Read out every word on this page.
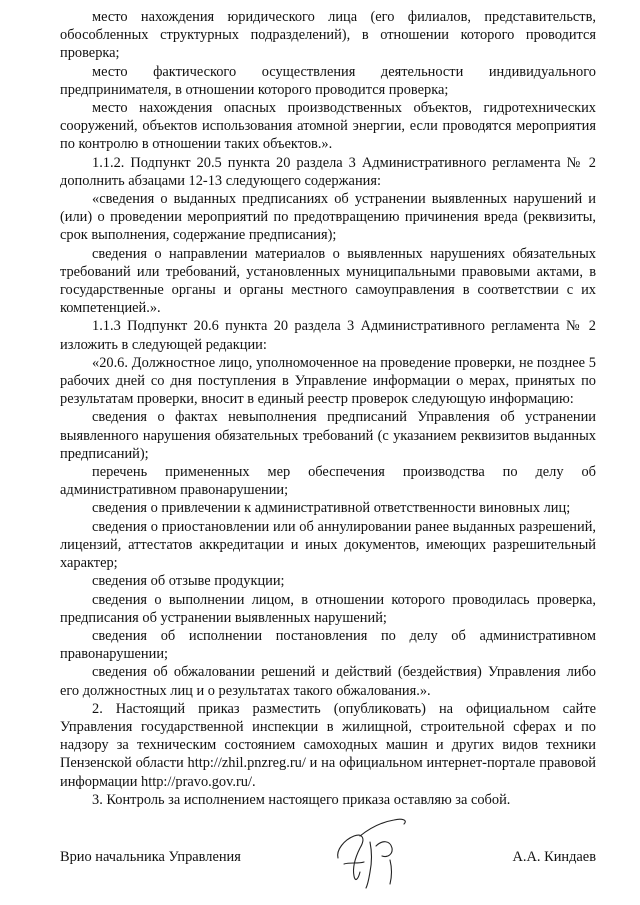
место нахождения юридического лица (его филиалов, представительств, обособленных структурных подразделений), в отношении которого проводится проверка;

место фактического осуществления деятельности индивидуального предпринимателя, в отношении которого проводится проверка;

место нахождения опасных производственных объектов, гидротехнических сооружений, объектов использования атомной энергии, если проводятся мероприятия по контролю в отношении таких объектов.».

1.1.2. Подпункт 20.5 пункта 20 раздела 3 Административного регламента № 2 дополнить абзацами 12-13 следующего содержания:

«сведения о выданных предписаниях об устранении выявленных нарушений и (или) о проведении мероприятий по предотвращению причинения вреда (реквизиты, срок выполнения, содержание предписания);

сведения о направлении материалов о выявленных нарушениях обязательных требований или требований, установленных муниципальными правовыми актами, в государственные органы и органы местного самоуправления в соответствии с их компетенцией.».

1.1.3 Подпункт 20.6 пункта 20 раздела 3 Административного регламента № 2 изложить в следующей редакции:

«20.6. Должностное лицо, уполномоченное на проведение проверки, не позднее 5 рабочих дней со дня поступления в Управление информации о мерах, принятых по результатам проверки, вносит в единый реестр проверок следующую информацию:

сведения о фактах невыполнения предписаний Управления об устранении выявленного нарушения обязательных требований (с указанием реквизитов выданных предписаний);

перечень примененных мер обеспечения производства по делу об административном правонарушении;

сведения о привлечении к административной ответственности виновных лиц;

сведения о приостановлении или об аннулировании ранее выданных разрешений, лицензий, аттестатов аккредитации и иных документов, имеющих разрешительный характер;

сведения об отзыве продукции;

сведения о выполнении лицом, в отношении которого проводилась проверка, предписания об устранении выявленных нарушений;

сведения об исполнении постановления по делу об административном правонарушении;

сведения об обжаловании решений и действий (бездействия) Управления либо его должностных лиц и о результатах такого обжалования.».

2. Настоящий приказ разместить (опубликовать) на официальном сайте Управления государственной инспекции в жилищной, строительной сферах и по надзору за техническим состоянием самоходных машин и других видов техники Пензенской области http://zhil.pnzreg.ru/ и на официальном интернет-портале правовой информации http://pravo.gov.ru/.

3. Контроль за исполнением настоящего приказа оставляю за собой.

Врио начальника Управления	А.А. Киндаев
